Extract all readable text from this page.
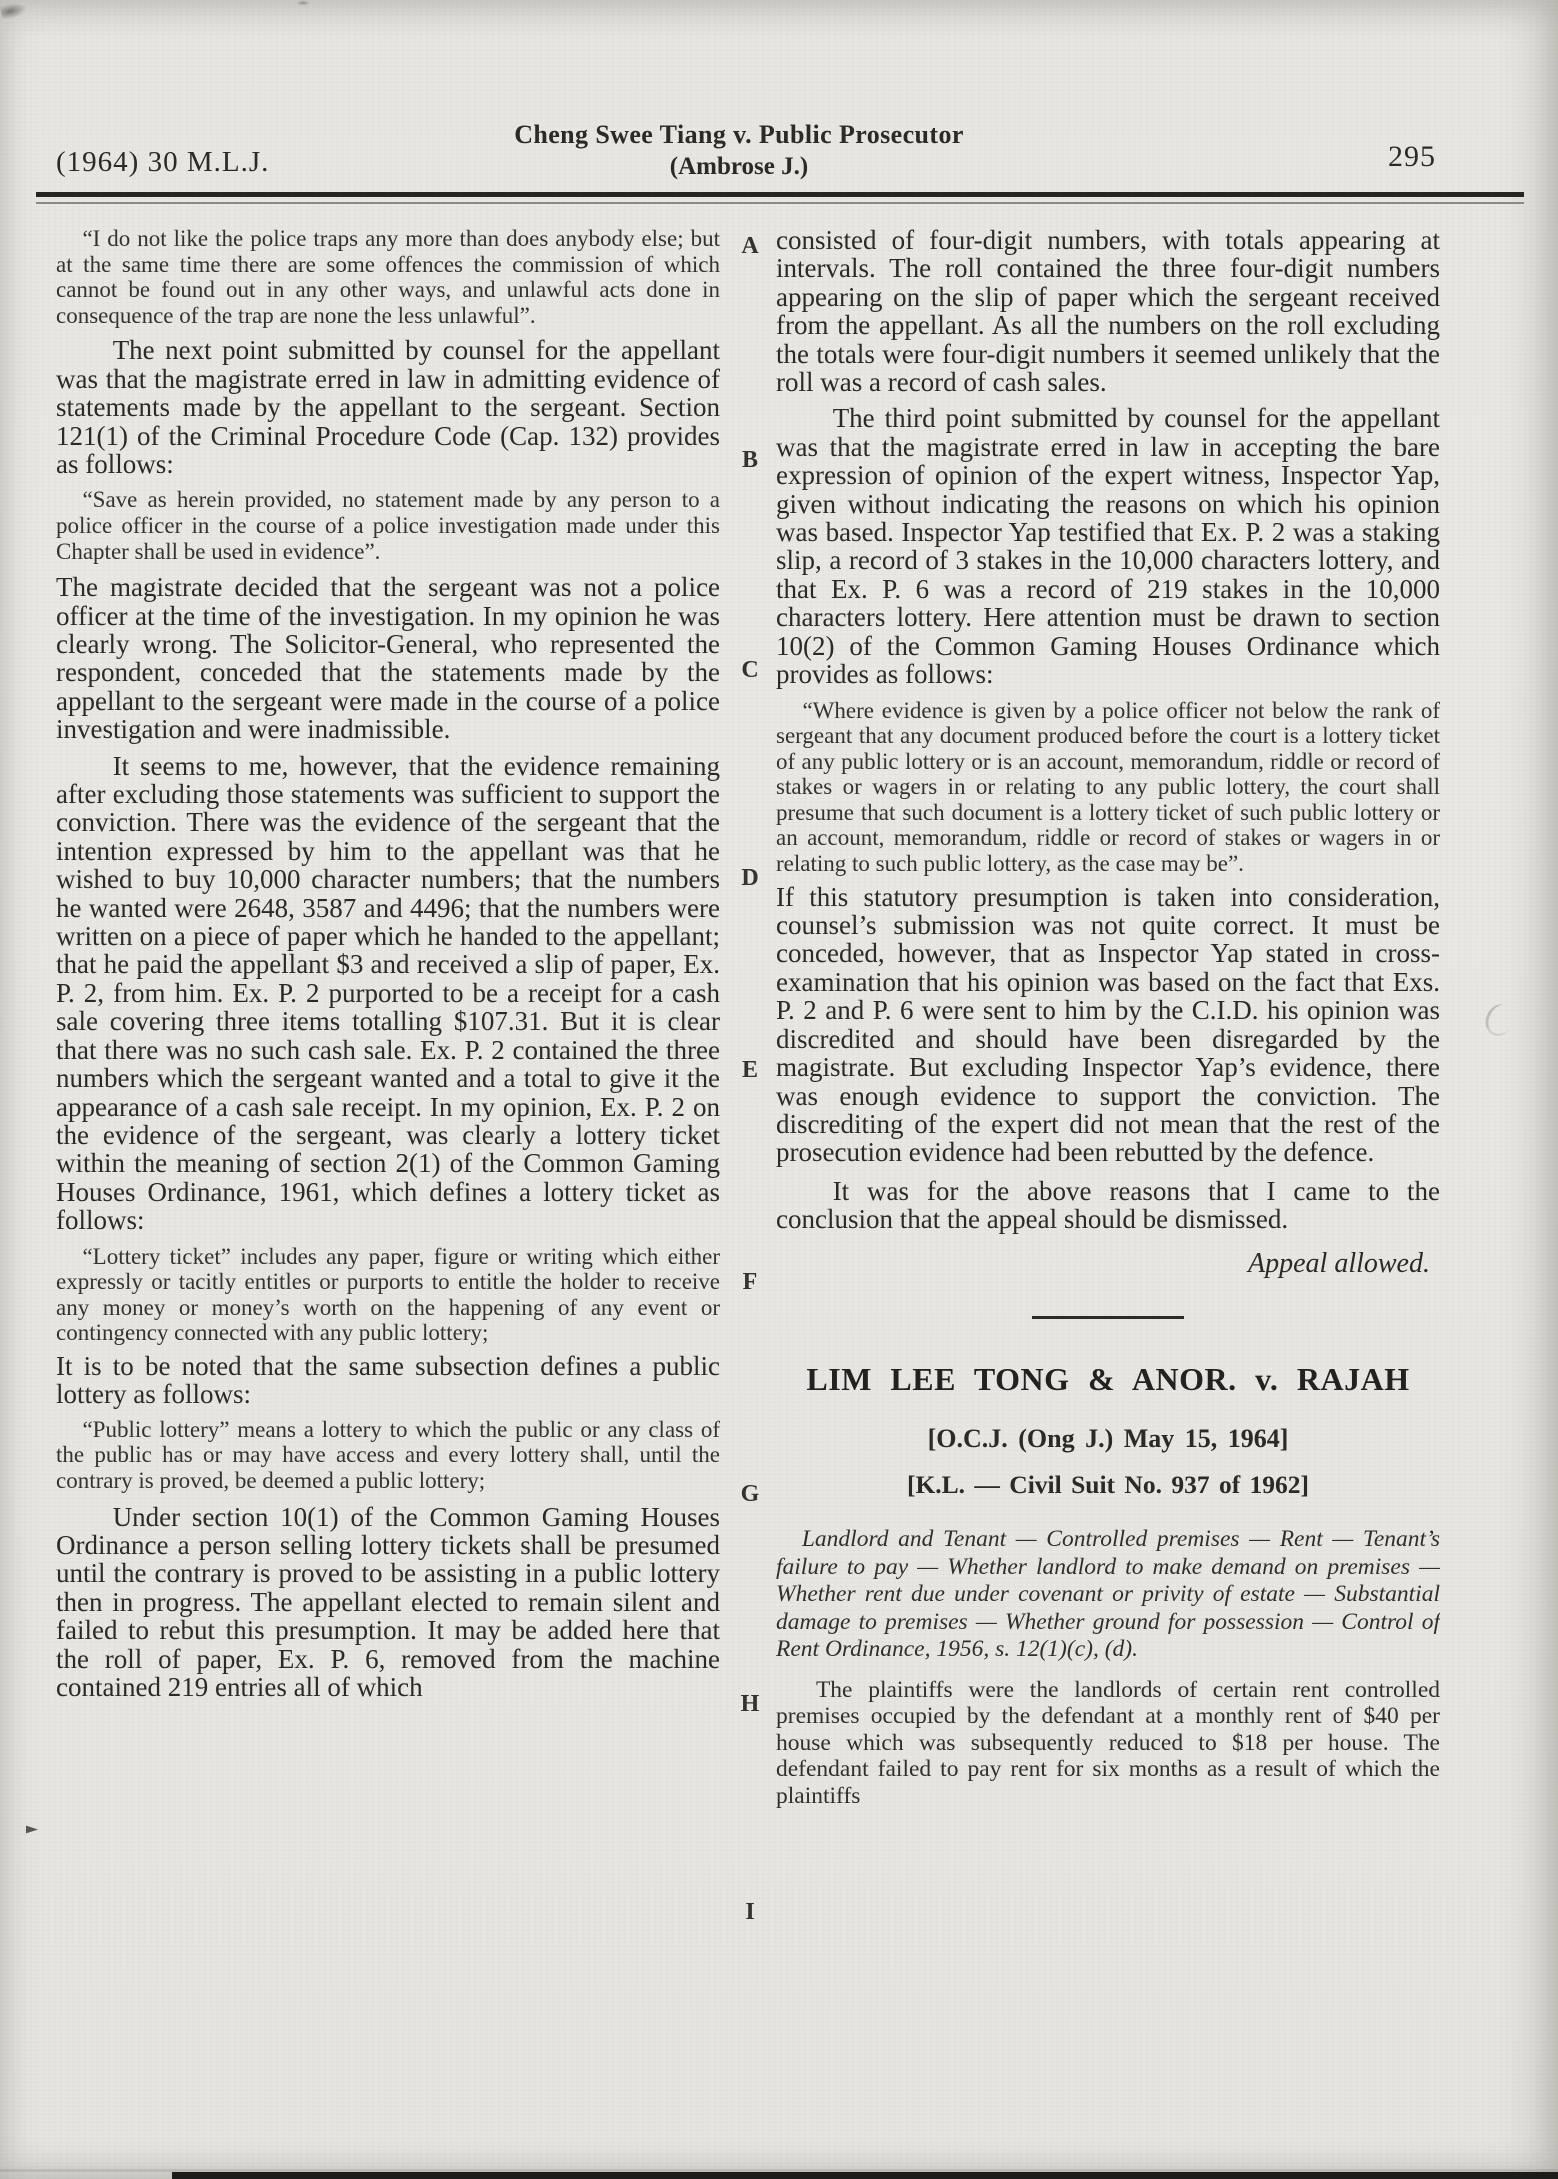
(1964) 30 M.L.J.
Cheng Swee Tiang v. Public Prosecutor
(Ambrose J.)	295
A
B
C
D
E
F
G
H
I

“I do not like the police traps any more than does anybody else; but at the same time there are some offences the commission of which cannot be found out in any other ways, and unlawful acts done in consequence of the trap are none the less unlawful”.

The next point submitted by counsel for the appellant was that the magistrate erred in law in admitting evidence of statements made by the appellant to the sergeant. Section 121(1) of the Criminal Procedure Code (Cap. 132) provides as follows:

“Save as herein provided, no statement made by any person to a police officer in the course of a police investigation made under this Chapter shall be used in evidence”.

The magistrate decided that the sergeant was not a police officer at the time of the investigation. In my opinion he was clearly wrong. The Solicitor-General, who represented the respondent, conceded that the statements made by the appellant to the sergeant were made in the course of a police investigation and were inadmissible.

It seems to me, however, that the evidence remaining after excluding those statements was sufficient to support the conviction. There was the evidence of the sergeant that the intention expressed by him to the appellant was that he wished to buy 10,000 character numbers; that the numbers he wanted were 2648, 3587 and 4496; that the numbers were written on a piece of paper which he handed to the appellant; that he paid the appellant $3 and received a slip of paper, Ex. P. 2, from him. Ex. P. 2 purported to be a receipt for a cash sale covering three items totalling $107.31. But it is clear that there was no such cash sale. Ex. P. 2 contained the three numbers which the sergeant wanted and a total to give it the appearance of a cash sale receipt. In my opinion, Ex. P. 2 on the evidence of the sergeant, was clearly a lottery ticket within the meaning of section 2(1) of the Common Gaming Houses Ordinance, 1961, which defines a lottery ticket as follows:

“Lottery ticket” includes any paper, figure or writing which either expressly or tacitly entitles or purports to entitle the holder to receive any money or money’s worth on the happening of any event or contingency connected with any public lottery;

It is to be noted that the same subsection defines a public lottery as follows:

“Public lottery” means a lottery to which the public or any class of the public has or may have access and every lottery shall, until the contrary is proved, be deemed a public lottery;

Under section 10(1) of the Common Gaming Houses Ordinance a person selling lottery tickets shall be presumed until the contrary is proved to be assisting in a public lottery then in progress. The appellant elected to remain silent and failed to rebut this presumption. It may be added here that the roll of paper, Ex. P. 6, removed from the machine contained 219 entries all of which

consisted of four-digit numbers, with totals appearing at intervals. The roll contained the three four-digit numbers appearing on the slip of paper which the sergeant received from the appellant. As all the numbers on the roll excluding the totals were four-digit numbers it seemed unlikely that the roll was a record of cash sales.

The third point submitted by counsel for the appellant was that the magistrate erred in law in accepting the bare expression of opinion of the expert witness, Inspector Yap, given without indicating the reasons on which his opinion was based. Inspector Yap testified that Ex. P. 2 was a staking slip, a record of 3 stakes in the 10,000 characters lottery, and that Ex. P. 6 was a record of 219 stakes in the 10,000 characters lottery. Here attention must be drawn to section 10(2) of the Common Gaming Houses Ordinance which provides as follows:

“Where evidence is given by a police officer not below the rank of sergeant that any document produced before the court is a lottery ticket of any public lottery or is an account, memorandum, riddle or record of stakes or wagers in or relating to any public lottery, the court shall presume that such document is a lottery ticket of such public lottery or an account, memorandum, riddle or record of stakes or wagers in or relating to such public lottery, as the case may be”.

If this statutory presumption is taken into consideration, counsel’s submission was not quite correct. It must be conceded, however, that as Inspector Yap stated in cross-examination that his opinion was based on the fact that Exs. P. 2 and P. 6 were sent to him by the C.I.D. his opinion was discredited and should have been disregarded by the magistrate. But excluding Inspector Yap’s evidence, there was enough evidence to support the conviction. The discrediting of the expert did not mean that the rest of the prosecution evidence had been rebutted by the defence.

It was for the above reasons that I came to the conclusion that the appeal should be dismissed.

Appeal allowed.

LIM LEE TONG & ANOR. v. RAJAH

[O.C.J. (Ong J.) May 15, 1964]

[K.L. — Civil Suit No. 937 of 1962]

Landlord and Tenant — Controlled premises — Rent — Tenant’s failure to pay — Whether landlord to make demand on premises — Whether rent due under covenant or privity of estate — Substantial damage to premises — Whether ground for possession — Control of Rent Ordinance, 1956, s. 12(1)(c), (d).

The plaintiffs were the landlords of certain rent controlled premises occupied by the defendant at a monthly rent of $40 per house which was subsequently reduced to $18 per house. The defendant failed to pay rent for six months as a result of which the plaintiffs
